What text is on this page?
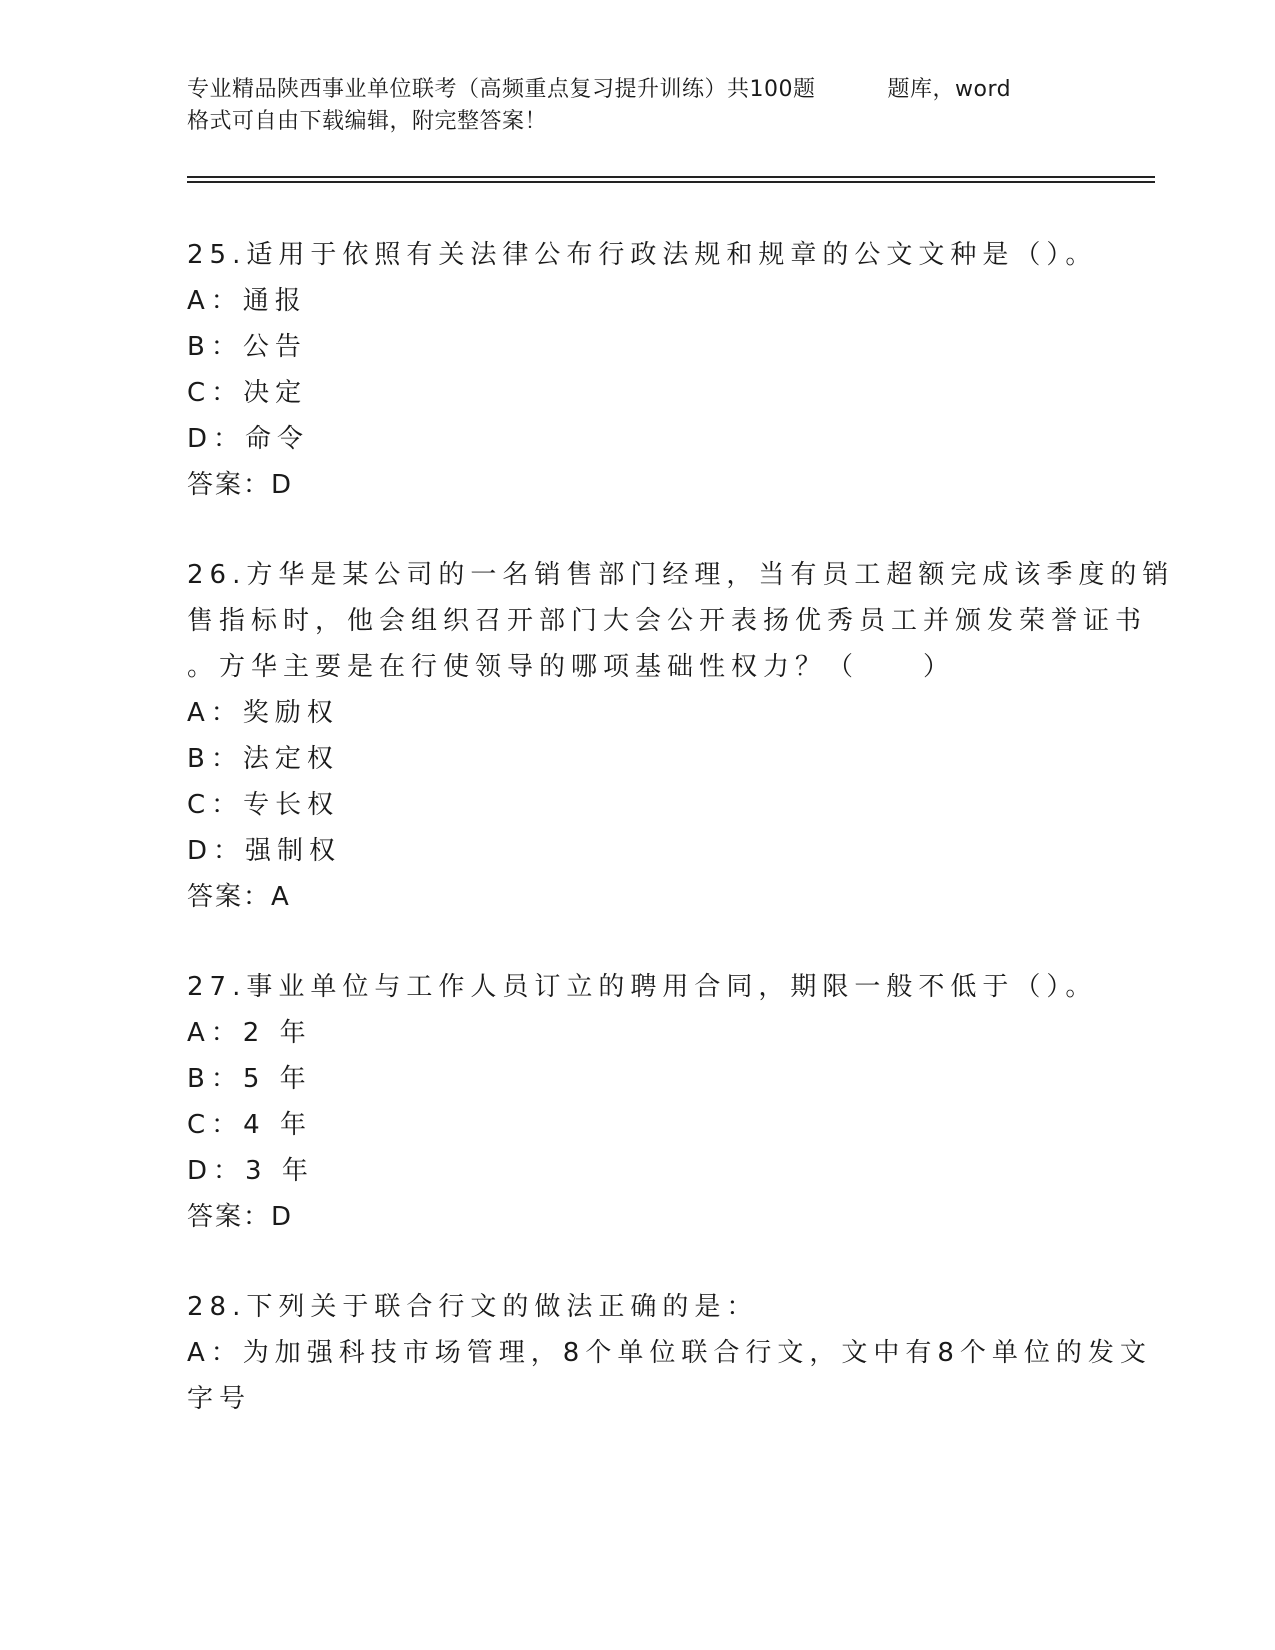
专业精品陕西事业单位联考（高频重点复习提升训练）共100题	题库，word
格式可自由下载编辑，附完整答案！
25.适用于依照有关法律公布行政法规和规章的公文文种是（）。
A：通报
B：公告
C：决定
D：命令
答案：D
26.方华是某公司的一名销售部门经理，当有员工超额完成该季度的销
售指标时，他会组织召开部门大会公开表扬优秀员工并颁发荣誉证书
。方华主要是在行使领导的哪项基础性权力？（　　）
A：奖励权
B：法定权
C：专长权
D：强制权
答案：A
27.事业单位与工作人员订立的聘用合同，期限一般不低于（）。
A：2 年
B：5 年
C：4 年
D：3 年
答案：D
28.下列关于联合行文的做法正确的是：
A：为加强科技市场管理，8个单位联合行文，文中有8个单位的发文
字号
